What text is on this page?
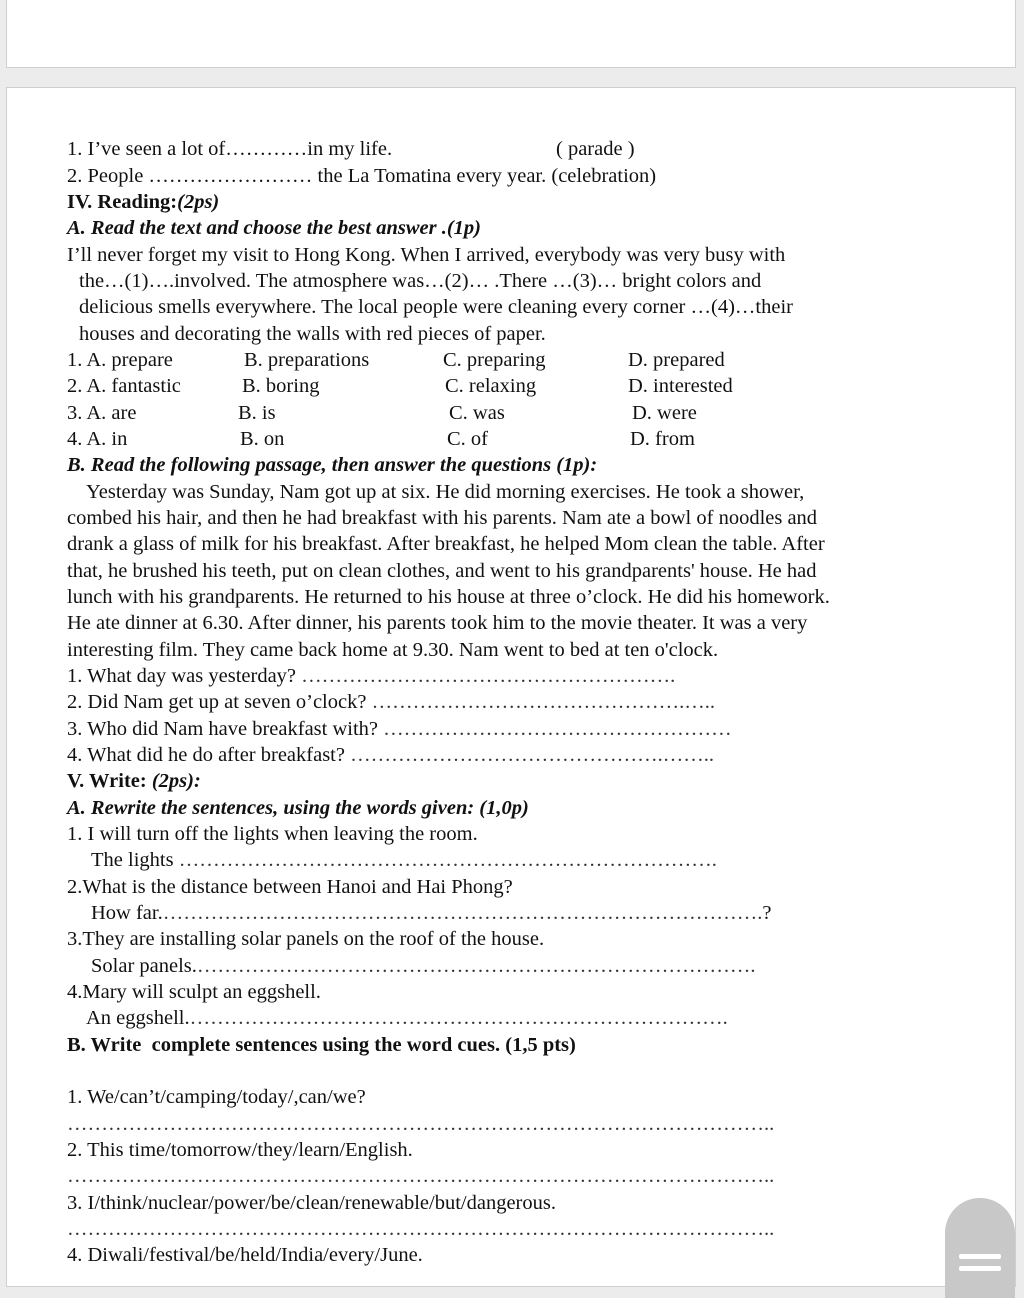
1. I’ve seen a lot of…………in my life.	( parade )
2. People …………………… the La Tomatina every year. (celebration)
IV. Reading:(2ps)
A. Read the text and choose the best answer .(1p)
I’ll never forget my visit to Hong Kong. When I arrived, everybody was very busy with
the…(1)….involved. The atmosphere was…(2)… .There …(3)… bright colors and
delicious smells everywhere. The local people were cleaning every corner …(4)…their
houses and decorating the walls with red pieces of paper.
1. A. prepare	B. preparations	C. preparing	D. prepared
2. A. fantastic	B. boring	C. relaxing	D. interested
3. A. are	B. is	C. was	D. were
4. A. in	B. on	C. of	D. from
B. Read the following passage, then answer the questions (1p):
Yesterday was Sunday, Nam got up at six. He did morning exercises. He took a shower,
combed his hair, and then he had breakfast with his parents. Nam ate a bowl of noodles and
drank a glass of milk for his breakfast. After breakfast, he helped Mom clean the table. After
that, he brushed his teeth, put on clean clothes, and went to his grandparents' house. He had
lunch with his grandparents. He returned to his house at three o’clock. He did his homework.
He ate dinner at 6.30. After dinner, his parents took him to the movie theater. It was a very
interesting film. They came back home at 9.30. Nam went to bed at ten o'clock.
1. What day was yesterday? ……………………………………………….
2. Did Nam get up at seven o’clock? ……………………………………….…..
3. Who did Nam have breakfast with? ……………………………………………
4. What did he do after breakfast? ……………………………………….……..
V. Write: (2ps):
A. Rewrite the sentences, using the words given: (1,0p)
1. I will turn off the lights when leaving the room.
The lights …………………………………………………………………….
2.What is the distance between Hanoi and Hai Phong?
How far.…………………………………………………………………………….?
3.They are installing solar panels on the roof of the house.
Solar panels.……………………………………………………………………….
4.Mary will sculpt an eggshell.
An eggshell.…………………………………………………………………….
B. Write  complete sentences using the word cues. (1,5 pts)
1. We/can’t/camping/today/,can/we?
…………………………………………………………………………………………..
2. This time/tomorrow/they/learn/English.
…………………………………………………………………………………………..
3. I/think/nuclear/power/be/clean/renewable/but/dangerous.
…………………………………………………………………………………………..
4. Diwali/festival/be/held/India/every/June.
